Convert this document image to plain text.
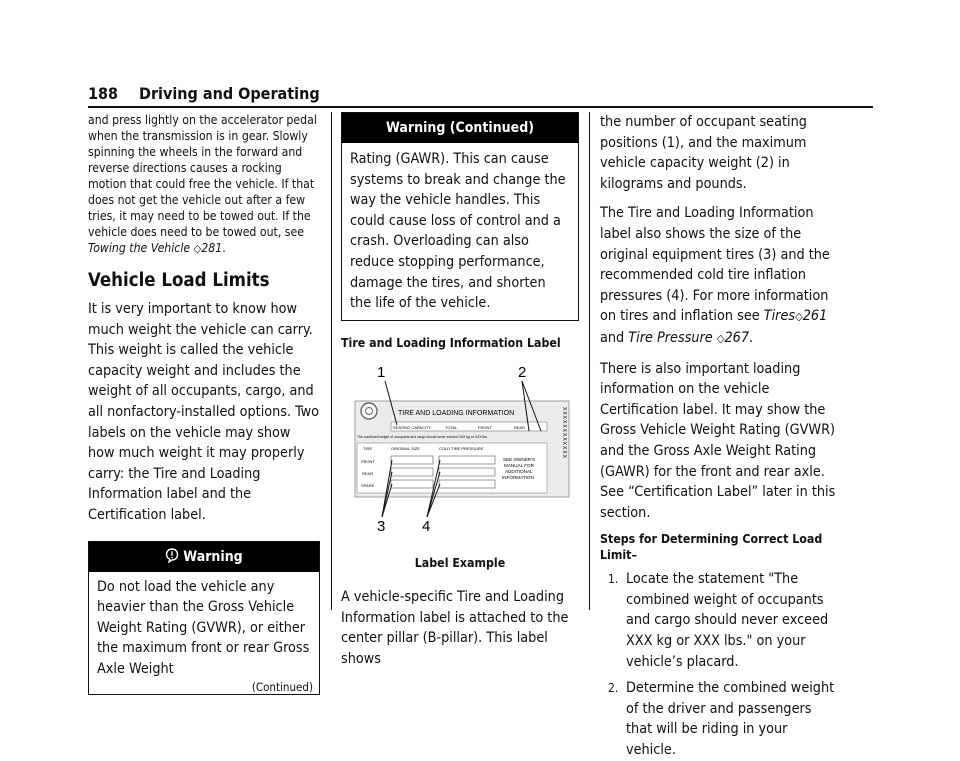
188 Driving and Operating

and press lightly on the accelerator pedal when the transmission is in gear. Slowly spinning the wheels in the forward and reverse directions causes a rocking motion that could free the vehicle. If that does not get the vehicle out after a few tries, it may need to be towed out. If the vehicle does need to be towed out, see Towing the Vehicle ◇281.

Vehicle Load Limits

It is very important to know how much weight the vehicle can carry. This weight is called the vehicle capacity weight and includes the weight of all occupants, cargo, and all nonfactory-installed options. Two labels on the vehicle may show how much weight it may properly carry: the Tire and Loading Information label and the Certification label.

Warning
Do not load the vehicle any heavier than the Gross Vehicle Weight Rating (GVWR), or either the maximum front or rear Gross Axle Weight
(Continued)
Warning (Continued)
Rating (GAWR). This can cause systems to break and change the way the vehicle handles. This could cause loss of control and a crash. Overloading can also reduce stopping performance, damage the tires, and shorten the life of the vehicle.

Tire and Loading Information Label

1	2
3 4
TIRE AND LOADING INFORMATION
SEATING CAPACITY	TOTAL	FRONT	REAR
The combined weight of occupants and cargo should never exceed XXX kg or XXX lbs.
TIRE	ORIGINAL SIZE	COLD TIRE PRESSURE
FRONT
REAR
SPARE
SEE OWNER'S
MANUAL FOR
ADDITIONAL
INFORMATION
XXXXXXXXXXXX

Label Example

A vehicle-specific Tire and Loading Information label is attached to the center pillar (B-pillar). This label shows

the number of occupant seating positions (1), and the maximum vehicle capacity weight (2) in kilograms and pounds.

The Tire and Loading Information label also shows the size of the original equipment tires (3) and the recommended cold tire inflation pressures (4). For more information on tires and inflation see Tires◇261 and Tire Pressure ◇267.

There is also important loading information on the vehicle Certification label. It may show the Gross Vehicle Weight Rating (GVWR) and the Gross Axle Weight Rating (GAWR) for the front and rear axle. See “Certification Label” later in this section.

Steps for Determining Correct Load Limit–

1. Locate the statement "The combined weight of occupants and cargo should never exceed XXX kg or XXX lbs." on your vehicle’s placard.
2. Determine the combined weight of the driver and passengers that will be riding in your vehicle.
